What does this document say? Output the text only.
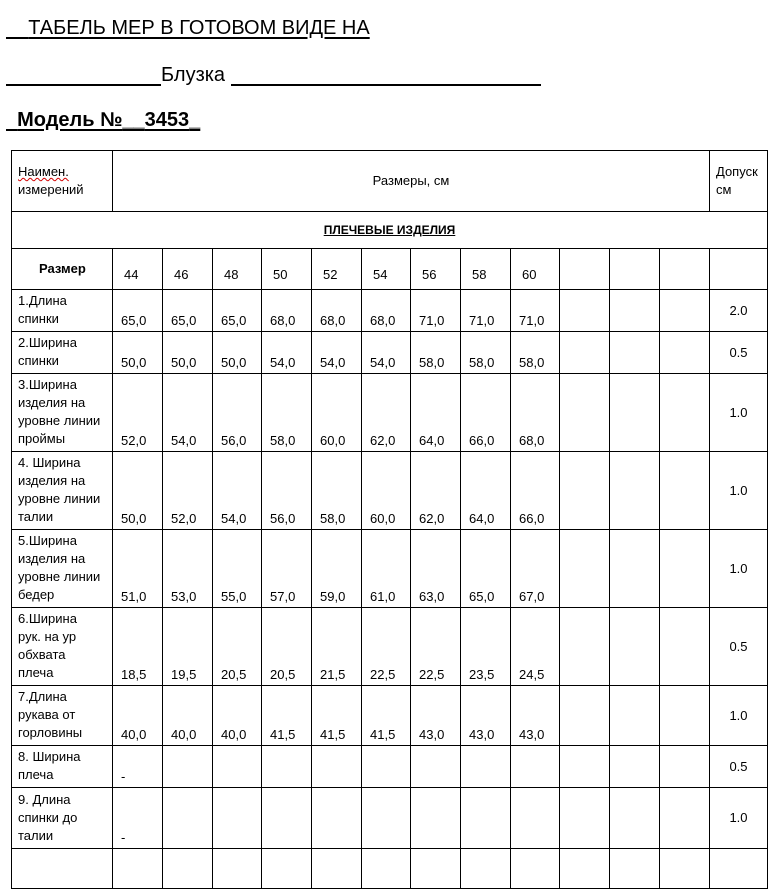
ТАБЕЛЬ МЕР В ГОТОВОМ ВИДЕ НА
Блузка
Модель №__3453_
Наимен.
измерений	Размеры, см												Допуск
см
ПЛЕЧЕВЫЕ ИЗДЕЛИЯ													
Размер	44	46	48	50	52	54	56	58	60				
1.Длина
спинки	65,0	65,0	65,0	68,0	68,0	68,0	71,0	71,0	71,0				2.0
2.Ширина
спинки	50,0	50,0	50,0	54,0	54,0	54,0	58,0	58,0	58,0				0.5
3.Ширина
изделия на
уровне линии
проймы	52,0	54,0	56,0	58,0	60,0	62,0	64,0	66,0	68,0				1.0
4. Ширина
изделия на
уровне линии
талии	50,0	52,0	54,0	56,0	58,0	60,0	62,0	64,0	66,0				1.0
5.Ширина
изделия на
уровне линии
бедер	51,0	53,0	55,0	57,0	59,0	61,0	63,0	65,0	67,0				1.0
6.Ширина
рук. на ур
обхвата
плеча	18,5	19,5	20,5	20,5	21,5	22,5	22,5	23,5	24,5				0.5
7.Длина
рукава от
горловины	40,0	40,0	40,0	41,5	41,5	41,5	43,0	43,0	43,0				1.0
8. Ширина
плеча	-												0.5
9. Длина
спинки до
талии	-												1.0
